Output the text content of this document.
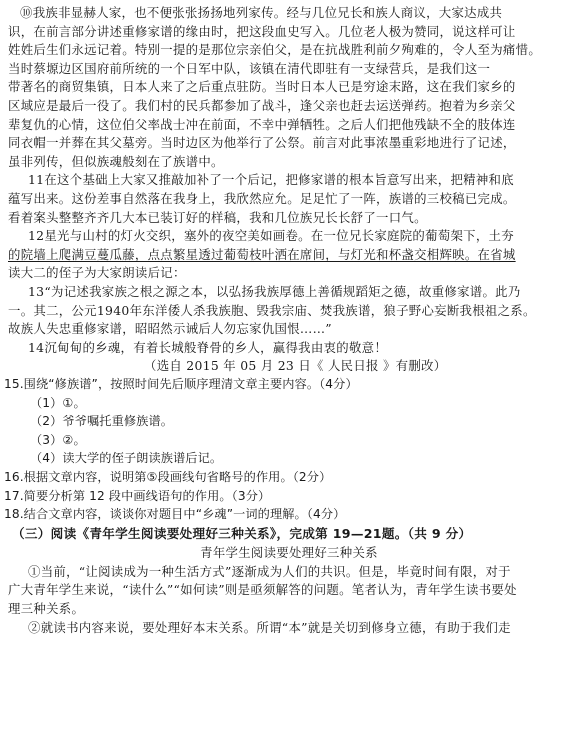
⑩我族非显赫人家，也不便张张扬扬地列家传。经与几位兄长和族人商议，大家达成共
识，在前言部分讲述重修家谱的缘由时，把这段血史写入。几位老人极为赞同，说这样可让
姓姓后生们永远记着。特别一提的是那位宗亲伯父，是在抗战胜利前夕殉难的，令人至为痛惜。
当时蔡塬边区国府前所统的一个日军中队，该镇在清代即驻有一支绿营兵，是我们这一
带著名的商贸集镇，日本人来了之后重点驻防。当时日本人已是穷途末路，这在我们家乡的
区域应是最后一役了。我们村的民兵都参加了战斗，逢父亲也赶去运送弹药。抱着为乡亲父
辈复仇的心情，这位伯父率战士冲在前面，不幸中弹牺牲。之后人们把他残缺不全的肢体连
同衣帽一并葬在其父墓旁。当时边区为他举行了公祭。前言对此事浓墨重彩地进行了记述，
虽非列传，但似族魂般刻在了族谱中。
11在这个基础上大家又推敲加补了一个后记，把修家谱的根本旨意写出来，把精神和底
蕴写出来。这份差事自然落在我身上，我欣然应允。足足忙了一阵，族谱的三校稿已完成。
看着案头整整齐齐几大本已装订好的样稿，我和几位族兄长长舒了一口气。
12星光与山村的灯火交织，塞外的夜空美如画卷。在一位兄长家庭院的葡萄架下，土夯
的院墙上爬满豆蔓瓜藤，点点繁星透过葡萄枝叶洒在席间，与灯光和杯盏交相辉映。在省城
读大二的侄子为大家朗读后记：
13“为记述我家族之根之源之本，以弘扬我族厚德上善循规蹈矩之德，故重修家谱。此乃
一。其二，公元1940年东洋倭人杀我族胞、毁我宗庙、焚我族谱，狼子野心妄断我根祖之系。
故族人失忠重修家谱，昭昭然示诫后人勿忘家仇国恨……”
14沉甸甸的乡魂，有着长城般脊骨的乡人，赢得我由衷的敬意！
（选自 2015 年 05 月 23 日《 人民日报 》有删改）
15.围绕“修族谱”，按照时间先后顺序理清文章主要内容。（4分）
（1）①。
（2）爷爷嘱托重修族谱。
（3）②。
（4）读大学的侄子朗读族谱后记。
16.根据文章内容，说明第⑤段画线句省略号的作用。（2分）
17.简要分析第 12 段中画线语句的作用。（3分）
18.结合文章内容，谈谈你对题目中“乡魂”一词的理解。（4分）
（三）阅读《青年学生阅读要处理好三种关系》，完成第 19—21题。（共 9 分）
青年学生阅读要处理好三种关系
①当前，“让阅读成为一种生活方式”逐渐成为人们的共识。但是，毕竟时间有限，对于
广大青年学生来说，“读什么”“如何读”则是亟须解答的问题。笔者认为，青年学生读书要处
理三种关系。
②就读书内容来说，要处理好本末关系。所谓“本”就是关切到修身立德，有助于我们走
